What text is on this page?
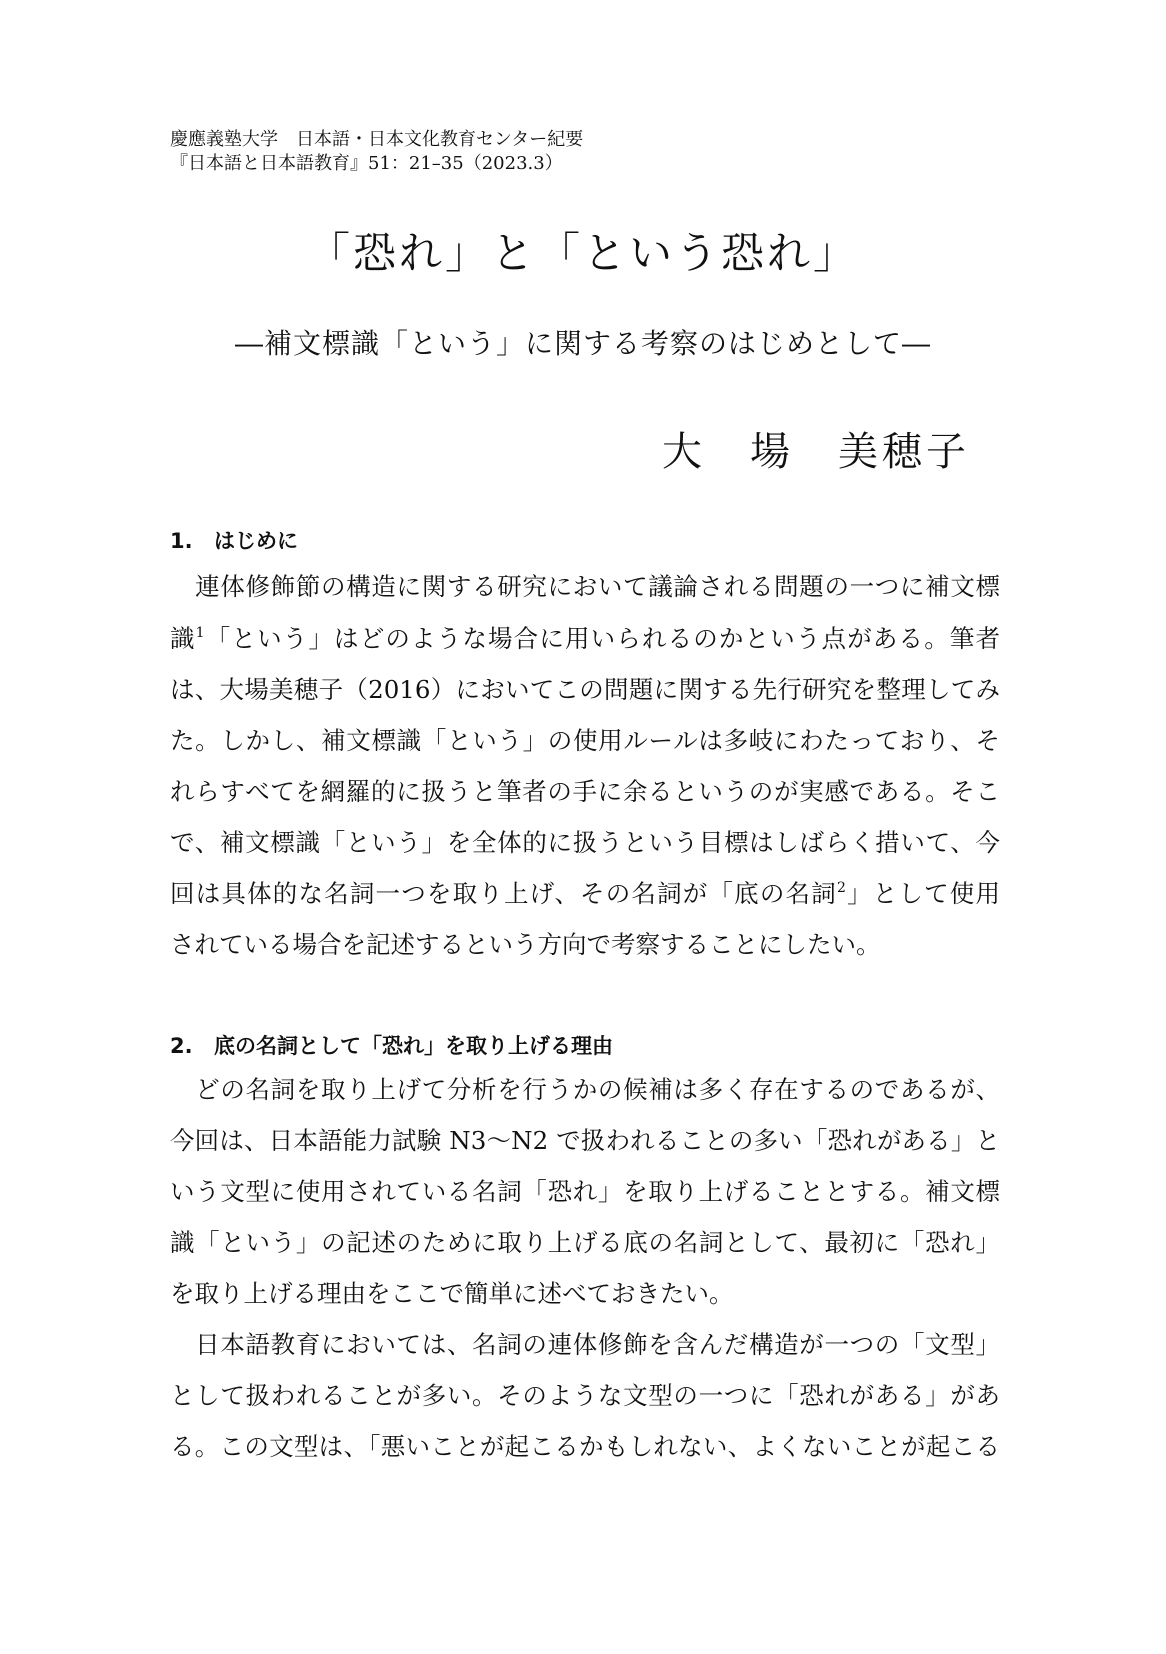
慶應義塾大学　日本語・日本文化教育センター紀要
『日本語と日本語教育』51：21–35（2023.3）
「恐れ」と「という恐れ」
―補文標識「という」に関する考察のはじめとして―
大　場 美穂子
1. はじめに
　連体修飾節の構造に関する研究において議論される問題の一つに補文標
識$^1$「という」はどのような場合に用いられるのかという点がある。筆者
は、大場美穂子（2016）においてこの問題に関する先行研究を整理してみ
た。しかし、補文標識「という」の使用ルールは多岐にわたっており、そ
れらすべてを網羅的に扱うと筆者の手に余るというのが実感である。そこ
で、補文標識「という」を全体的に扱うという目標はしばらく措いて、今
回は具体的な名詞一つを取り上げ、その名詞が「底の名詞$^2$」として使用
されている場合を記述するという方向で考察することにしたい。
2. 底の名詞として「恐れ」を取り上げる理由
　どの名詞を取り上げて分析を行うかの候補は多く存在するのであるが、
今回は、日本語能力試験 N3～N2 で扱われることの多い「恐れがある」と
いう文型に使用されている名詞「恐れ」を取り上げることとする。補文標
識「という」の記述のために取り上げる底の名詞として、最初に「恐れ」
を取り上げる理由をここで簡単に述べておきたい。
　日本語教育においては、名詞の連体修飾を含んだ構造が一つの「文型」
として扱われることが多い。そのような文型の一つに「恐れがある」があ
る。この文型は、「悪いことが起こるかもしれない、よくないことが起こる
